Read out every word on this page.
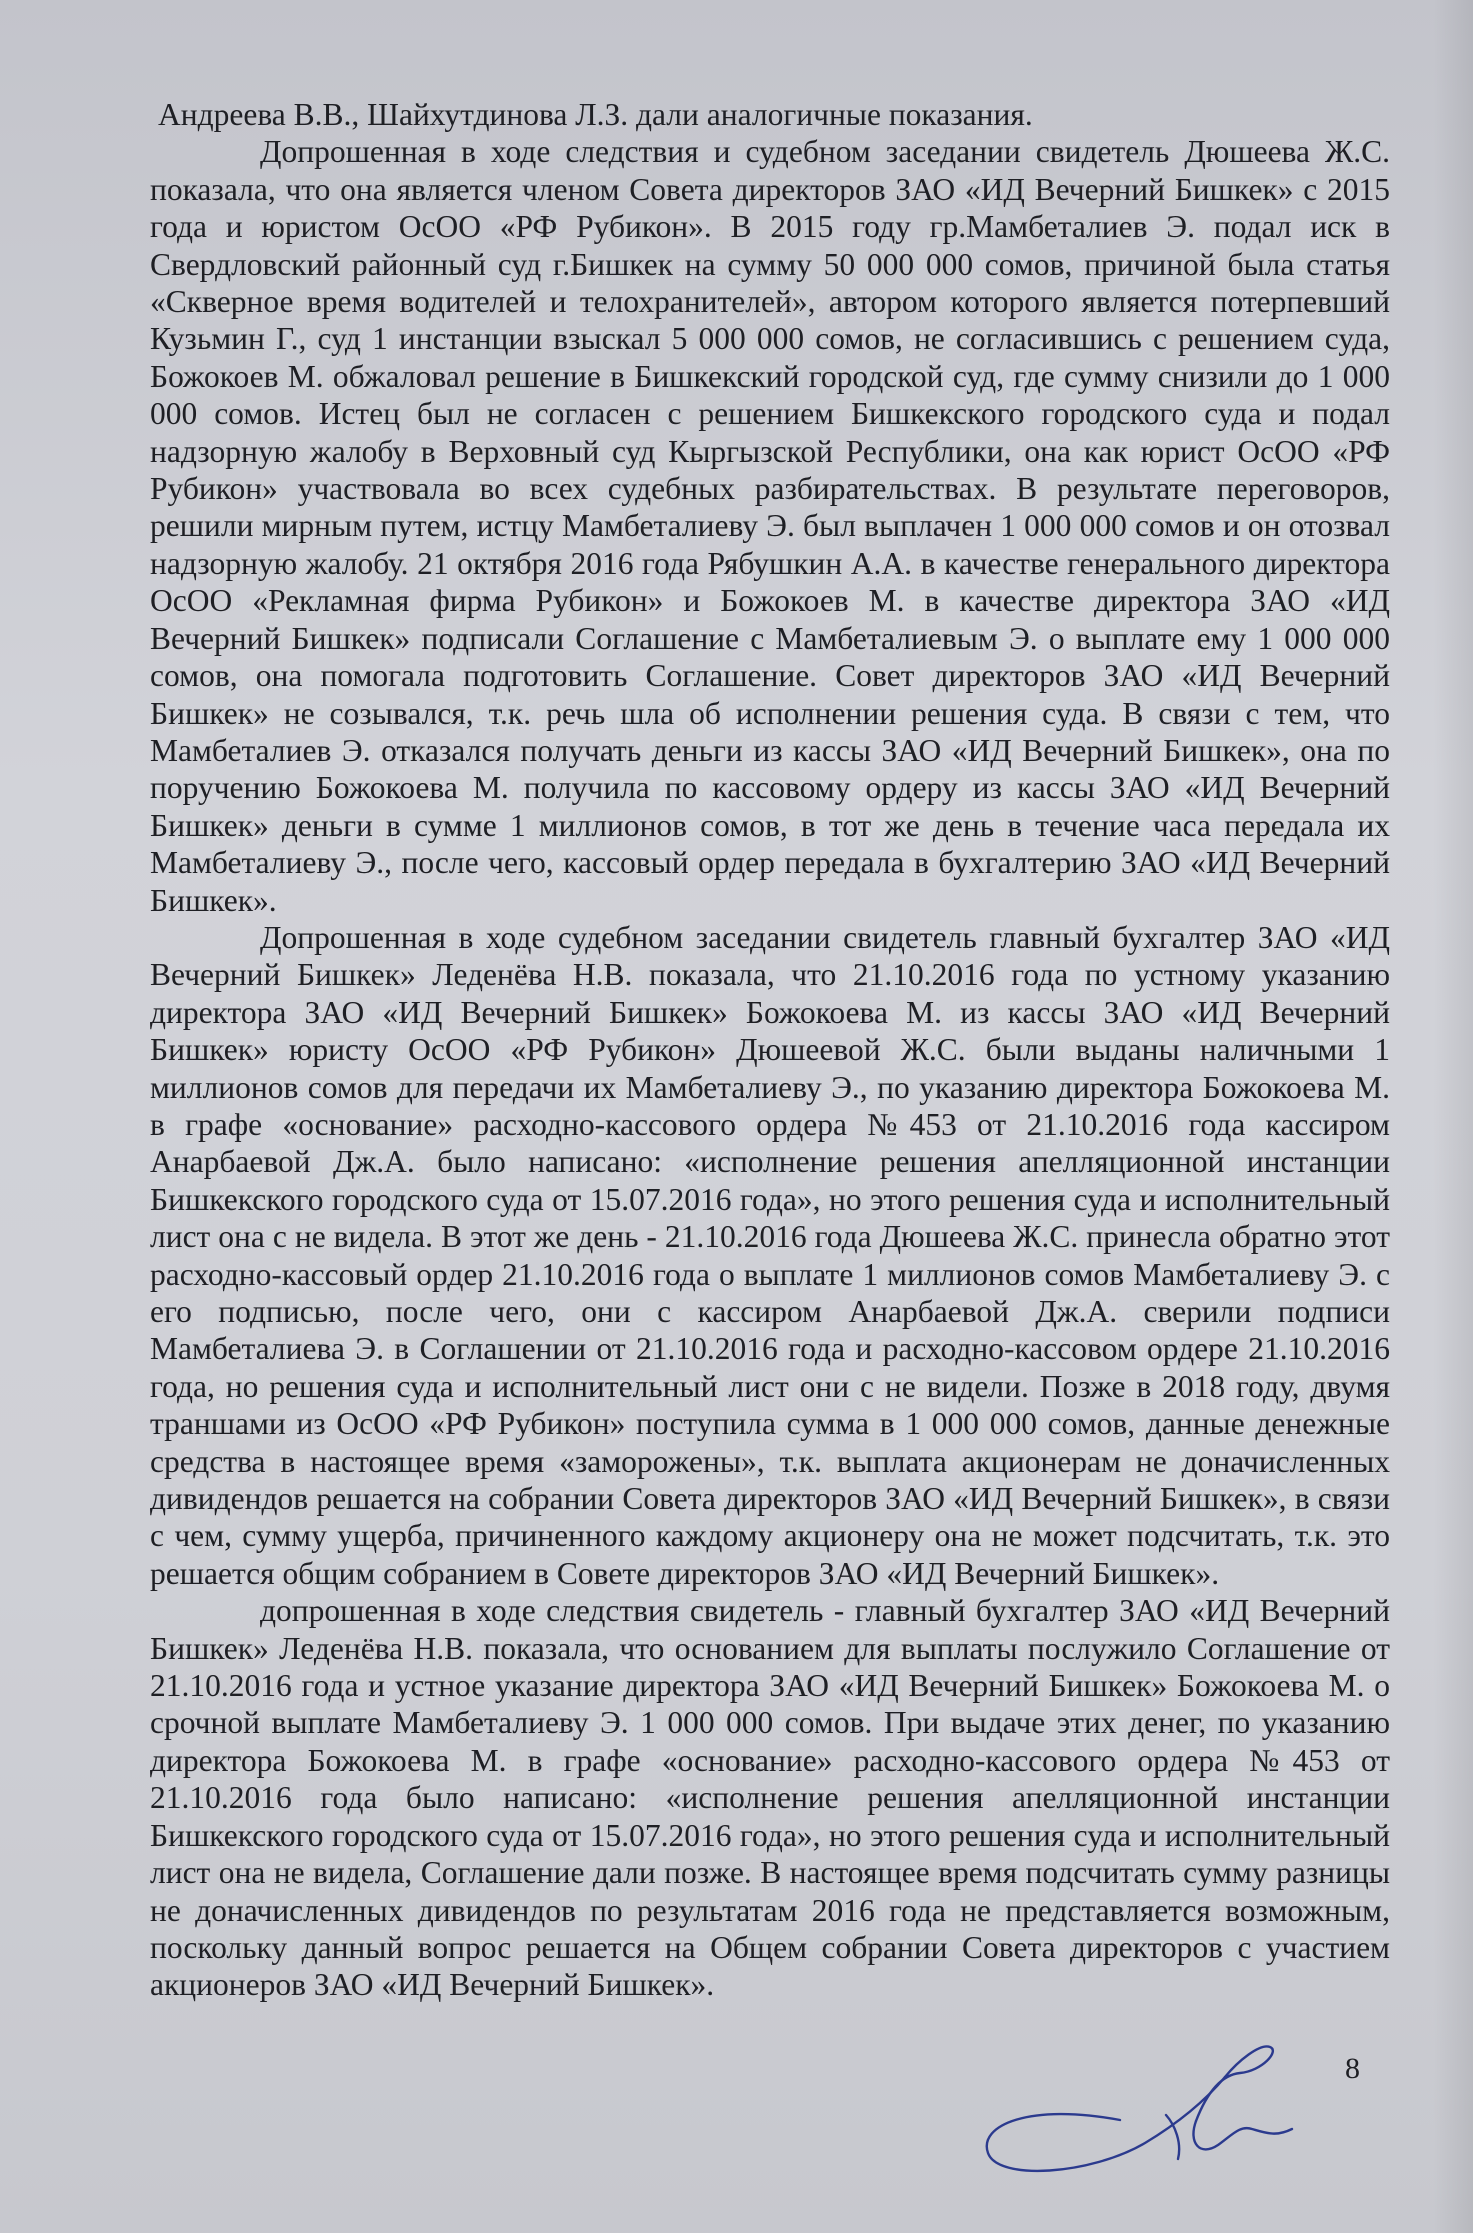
Андреева В.В., Шайхутдинова Л.З. дали аналогичные показания.

Допрошенная в ходе следствия и судебном заседании свидетель Дюшеева Ж.С. показала, что она является членом Совета директоров ЗАО «ИД Вечерний Бишкек» с 2015 года и юристом ОсОО «РФ Рубикон». В 2015 году гр.Мамбеталиев Э. подал иск в Свердловский районный суд г.Бишкек на сумму 50 000 000 сомов, причиной была статья «Скверное время водителей и телохранителей», автором которого является потерпевший Кузьмин Г., суд 1 инстанции взыскал 5 000 000 сомов, не согласившись с решением суда, Божокоев М. обжаловал решение в Бишкекский городской суд, где сумму снизили до 1 000 000 сомов. Истец был не согласен с решением Бишкекского городского суда и подал надзорную жалобу в Верховный суд Кыргызской Республики, она как юрист ОсОО «РФ Рубикон» участвовала во всех судебных разбирательствах. В результате переговоров, решили мирным путем, истцу Мамбеталиеву Э. был выплачен 1 000 000 сомов и он отозвал надзорную жалобу. 21 октября 2016 года Рябушкин А.А. в качестве генерального директора ОсОО «Рекламная фирма Рубикон» и Божокоев М. в качестве директора ЗАО «ИД Вечерний Бишкек» подписали Соглашение с Мамбеталиевым Э. о выплате ему 1 000 000 сомов, она помогала подготовить Соглашение. Совет директоров ЗАО «ИД Вечерний Бишкек» не созывался, т.к. речь шла об исполнении решения суда. В связи с тем, что Мамбеталиев Э. отказался получать деньги из кассы ЗАО «ИД Вечерний Бишкек», она по поручению Божокоева М. получила по кассовому ордеру из кассы ЗАО «ИД Вечерний Бишкек» деньги в сумме 1 миллионов сомов, в тот же день в течение часа передала их Мамбеталиеву Э., после чего, кассовый ордер передала в бухгалтерию ЗАО «ИД Вечерний Бишкек».

Допрошенная в ходе судебном заседании свидетель главный бухгалтер ЗАО «ИД Вечерний Бишкек» Леденёва Н.В. показала, что 21.10.2016 года по устному указанию директора ЗАО «ИД Вечерний Бишкек» Божокоева М. из кассы ЗАО «ИД Вечерний Бишкек» юристу ОсОО «РФ Рубикон» Дюшеевой Ж.С. были выданы наличными 1 миллионов сомов для передачи их Мамбеталиеву Э., по указанию директора Божокоева М. в графе «основание» расходно-кассового ордера №453 от 21.10.2016 года кассиром Анарбаевой Дж.А. было написано: «исполнение решения апелляционной инстанции Бишкекского городского суда от 15.07.2016 года», но этого решения суда и исполнительный лист она с не видела. В этот же день - 21.10.2016 года Дюшеева Ж.С. принесла обратно этот расходно-кассовый ордер 21.10.2016 года о выплате 1 миллионов сомов Мамбеталиеву Э. с его подписью, после чего, они с кассиром Анарбаевой Дж.А. сверили подписи Мамбеталиева Э. в Соглашении от 21.10.2016 года и расходно-кассовом ордере 21.10.2016 года, но решения суда и исполнительный лист они с не видели. Позже в 2018 году, двумя траншами из ОсОО «РФ Рубикон» поступила сумма в 1 000 000 сомов, данные денежные средства в настоящее время «заморожены», т.к. выплата акционерам не доначисленных дивидендов решается на собрании Совета директоров ЗАО «ИД Вечерний Бишкек», в связи с чем, сумму ущерба, причиненного каждому акционеру она не может подсчитать, т.к. это решается общим собранием в Совете директоров ЗАО «ИД Вечерний Бишкек».

допрошенная в ходе следствия свидетель - главный бухгалтер ЗАО «ИД Вечерний Бишкек» Леденёва Н.В. показала, что основанием для выплаты послужило Соглашение от 21.10.2016 года и устное указание директора ЗАО «ИД Вечерний Бишкек» Божокоева М. о срочной выплате Мамбеталиеву Э. 1 000 000 сомов. При выдаче этих денег, по указанию директора Божокоева М. в графе «основание» расходно-кассового ордера №453 от 21.10.2016 года было написано: «исполнение решения апелляционной инстанции Бишкекского городского суда от 15.07.2016 года», но этого решения суда и исполнительный лист она не видела, Соглашение дали позже. В настоящее время подсчитать сумму разницы не доначисленных дивидендов по результатам 2016 года не представляется возможным, поскольку данный вопрос решается на Общем собрании Совета директоров с участием акционеров ЗАО «ИД Вечерний Бишкек».

8
